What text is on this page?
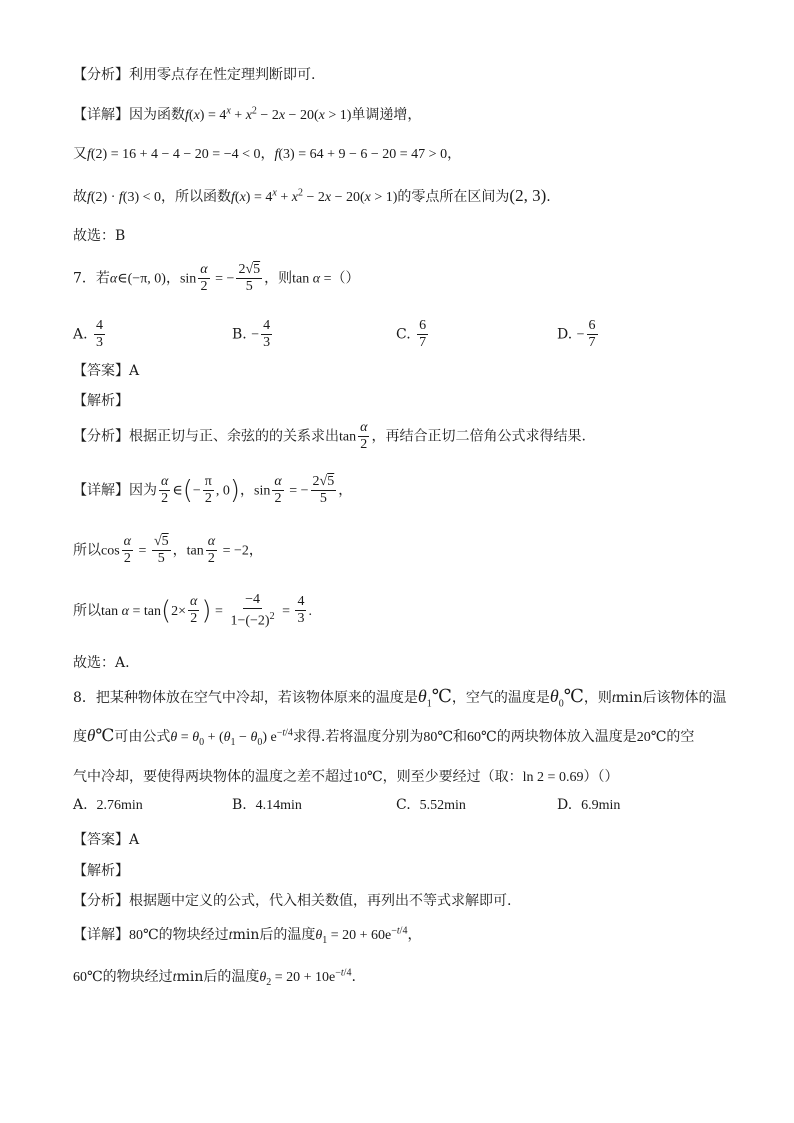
【分析】利用零点存在性定理判断即可.
【详解】因为函数$f(x) = 4^x + x^2 - 2x - 20(x > 1)$单调递增，
又f(2) = 16 + 4 − 4 − 20 = −4 < 0，f(3) = 64 + 9 − 6 − 20 = 47 > 0，
故f(2) · f(3) < 0，所以函数$f(x) = 4^x + x^2 - 2x - 20(x > 1)$的零点所在区间为(2, 3).
故选：B
7．若α∈(−π, 0)，$\sin \frac{\alpha}{2}$ = − $\frac{2√5}{5}$ ，则tan α =（）
A. $\frac{4}{3}$	B. − $\frac{4}{3}$	C. $\frac{6}{7}$	D. − $\frac{6}{7}$
【答案】A
【解析】
【分析】根据正切与正、余弦的的关系求出$\tan \frac{\alpha}{2}$ ，再结合正切二倍角公式求得结果.
【详解】因为 $\frac{\alpha}{2}$ ∈(− $\frac{\pi}{2}$ , 0)，$\sin \frac{\alpha}{2}$ = − $\frac{2√5}{5}$ ，
所以$\cos \frac{\alpha}{2} = \frac{√5}{5}$ ，$\tan \frac{\alpha}{2} = -2$，
所以$\tan \alpha = \tan(2\times \frac{\alpha}{2}$ ) = $\frac{-4}{1-(-2)^2} = \frac{4}{3}$ .
故选：A.
8．把某种物体放在空气中冷却，若该物体原来的温度是$\theta_1℃$，空气的温度是$\theta_0℃$，则tmin后该物体的温
度θ℃可由公式$\theta = \theta_0 + (\theta_1 - \theta_0)$ $e^{-t/4}$求得.若将温度分别为80℃和60℃的两块物体放入温度是20℃的空
气中冷却，要使得两块物体的温度之差不超过10℃，则至少要经过（取：ln 2 = 0.69）（）
A. 2.76min	B. 4.14min	C. 5.52min	D. 6.9min
【答案】A
【解析】
【分析】根据题中定义的公式，代入相关数值，再列出不等式求解即可.
【详解】80℃的物块经过tmin后的温度$\theta_1 = 20 + 60e^{-t/4}$，
60℃的物块经过tmin后的温度$\theta_2 = 20 + 10e^{-t/4}$.
